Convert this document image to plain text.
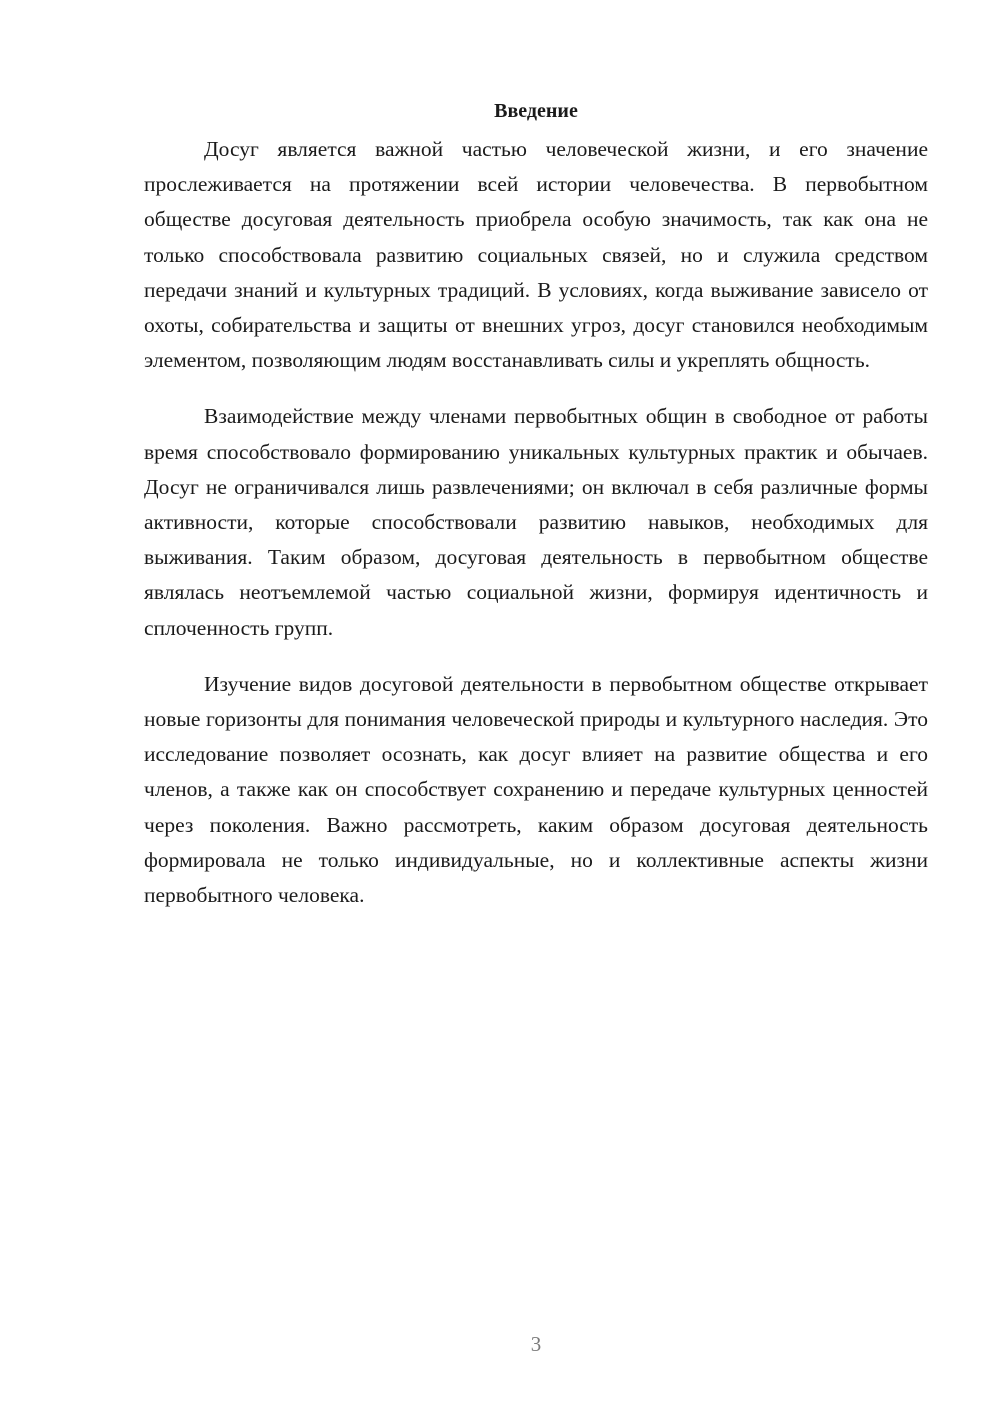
Введение

Досуг является важной частью человеческой жизни, и его значение прослеживается на протяжении всей истории человечества. В первобытном обществе досуговая деятельность приобрела особую значимость, так как она не только способствовала развитию социальных связей, но и служила средством передачи знаний и культурных традиций. В условиях, когда выживание зависело от охоты, собирательства и защиты от внешних угроз, досуг становился необходимым элементом, позволяющим людям восстанавливать силы и укреплять общность.

Взаимодействие между членами первобытных общин в свободное от работы время способствовало формированию уникальных культурных практик и обычаев. Досуг не ограничивался лишь развлечениями; он включал в себя различные формы активности, которые способствовали развитию навыков, необходимых для выживания. Таким образом, досуговая деятельность в первобытном обществе являлась неотъемлемой частью социальной жизни, формируя идентичность и сплоченность групп.

Изучение видов досуговой деятельности в первобытном обществе открывает новые горизонты для понимания человеческой природы и культурного наследия. Это исследование позволяет осознать, как досуг влияет на развитие общества и его членов, а также как он способствует сохранению и передаче культурных ценностей через поколения. Важно рассмотреть, каким образом досуговая деятельность формировала не только индивидуальные, но и коллективные аспекты жизни первобытного человека.

3
